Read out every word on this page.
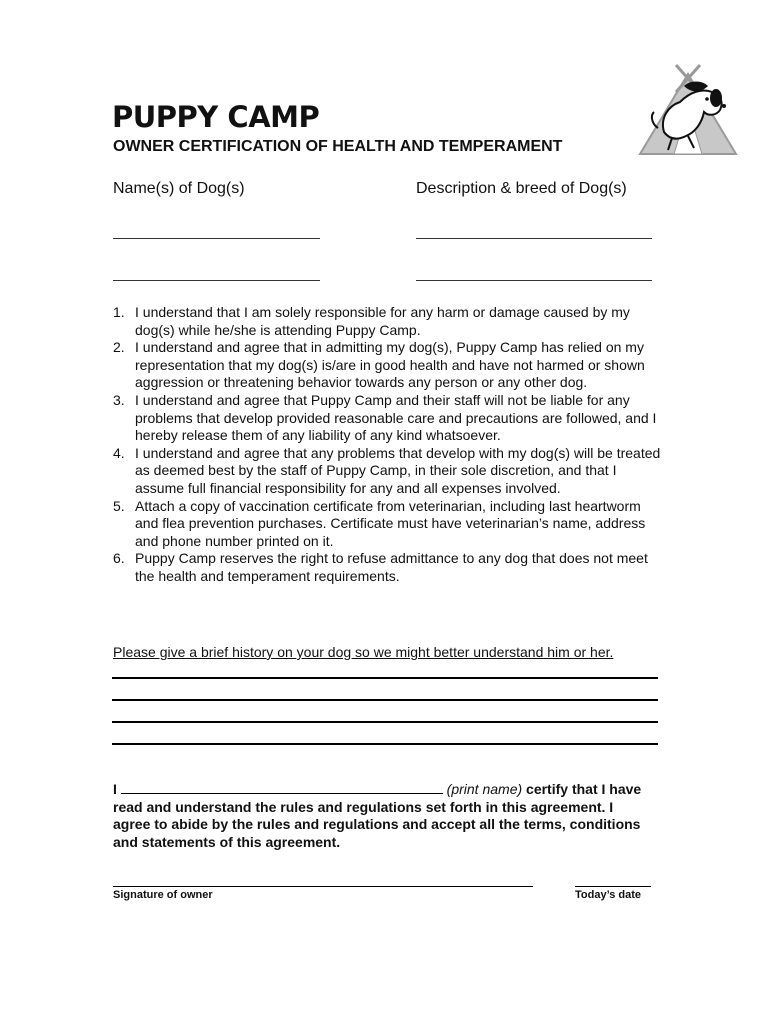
PUPPY CAMP
OWNER CERTIFICATION OF HEALTH AND TEMPERAMENT
Name(s) of Dog(s)	Description & breed of Dog(s)
1. I understand that I am solely responsible for any harm or damage caused by my dog(s) while he/she is attending Puppy Camp.
2. I understand and agree that in admitting my dog(s), Puppy Camp has relied on my representation that my dog(s) is/are in good health and have not harmed or shown aggression or threatening behavior towards any person or any other dog.
3. I understand and agree that Puppy Camp and their staff will not be liable for any problems that develop provided reasonable care and precautions are followed, and I hereby release them of any liability of any kind whatsoever.
4. I understand and agree that any problems that develop with my dog(s) will be treated as deemed best by the staff of Puppy Camp, in their sole discretion, and that I assume full financial responsibility for any and all expenses involved.
5. Attach a copy of vaccination certificate from veterinarian, including last heartworm and flea prevention purchases. Certificate must have veterinarian’s name, address and phone number printed on it.
6. Puppy Camp reserves the right to refuse admittance to any dog that does not meet the health and temperament requirements.
Please give a brief history on your dog so we might better understand him or her.
I	(print name) certify that I have read and understand the rules and regulations set forth in this agreement. I agree to abide by the rules and regulations and accept all the terms, conditions and statements of this agreement.
Signature of owner	Today’s date
